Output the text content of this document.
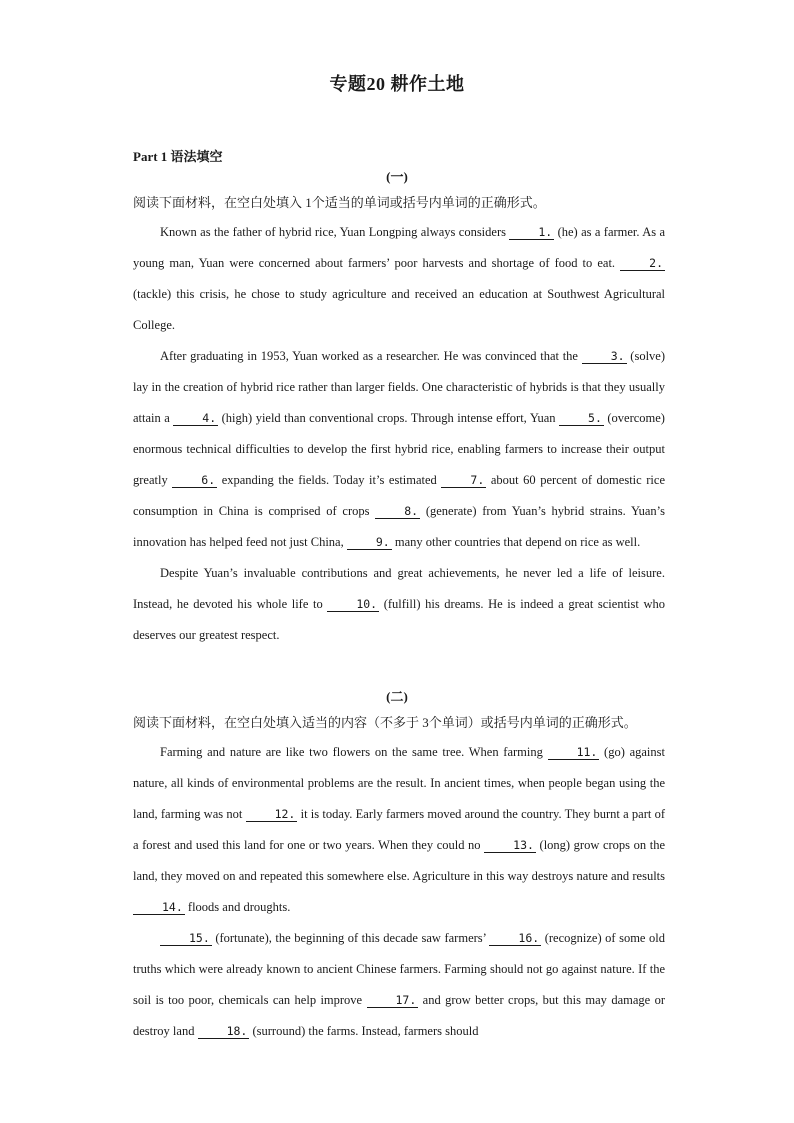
专题20 耕作土地
Part 1 语法填空
(一)
阅读下面材料，在空白处填入 1个适当的单词或括号内单词的正确形式。

Known as the father of hybrid rice, Yuan Longping always considers	1. (he) as a farmer. As a young man, Yuan were concerned about farmers’ poor harvests and shortage of food to eat.	2. (tackle) this crisis, he chose to study agriculture and received an education at Southwest Agricultural College.

After graduating in 1953, Yuan worked as a researcher. He was convinced that the	3. (solve) lay in the creation of hybrid rice rather than larger fields. One characteristic of hybrids is that they usually attain a	4. (high) yield than conventional crops. Through intense effort, Yuan	5. (overcome) enormous technical difficulties to develop the first hybrid rice, enabling farmers to increase their output greatly	6. expanding the fields. Today it’s estimated	7. about 60 percent of domestic rice consumption in China is comprised of crops	8. (generate) from Yuan’s hybrid strains. Yuan’s innovation has helped feed not just China,	9. many other countries that depend on rice as well.

Despite Yuan’s invaluable contributions and great achievements, he never led a life of leisure. Instead, he devoted his whole life to	10. (fulfill) his dreams. He is indeed a great scientist who deserves our greatest respect.

(二)
阅读下面材料，在空白处填入适当的内容（不多于 3个单词）或括号内单词的正确形式。

Farming and nature are like two flowers on the same tree. When farming	11. (go) against nature, all kinds of environmental problems are the result. In ancient times, when people began using the land, farming was not	12. it is today. Early farmers moved around the country. They burnt a part of a forest and used this land for one or two years. When they could no	13. (long) grow crops on the land, they moved on and repeated this somewhere else. Agriculture in this way destroys nature and results 14. floods and droughts.

15. (fortunate), the beginning of this decade saw farmers’	16. (recognize) of some old truths which were already known to ancient Chinese farmers. Farming should not go against nature. If the soil is too poor, chemicals can help improve	17. and grow better crops, but this may damage or destroy land	18. (surround) the farms. Instead, farmers should
